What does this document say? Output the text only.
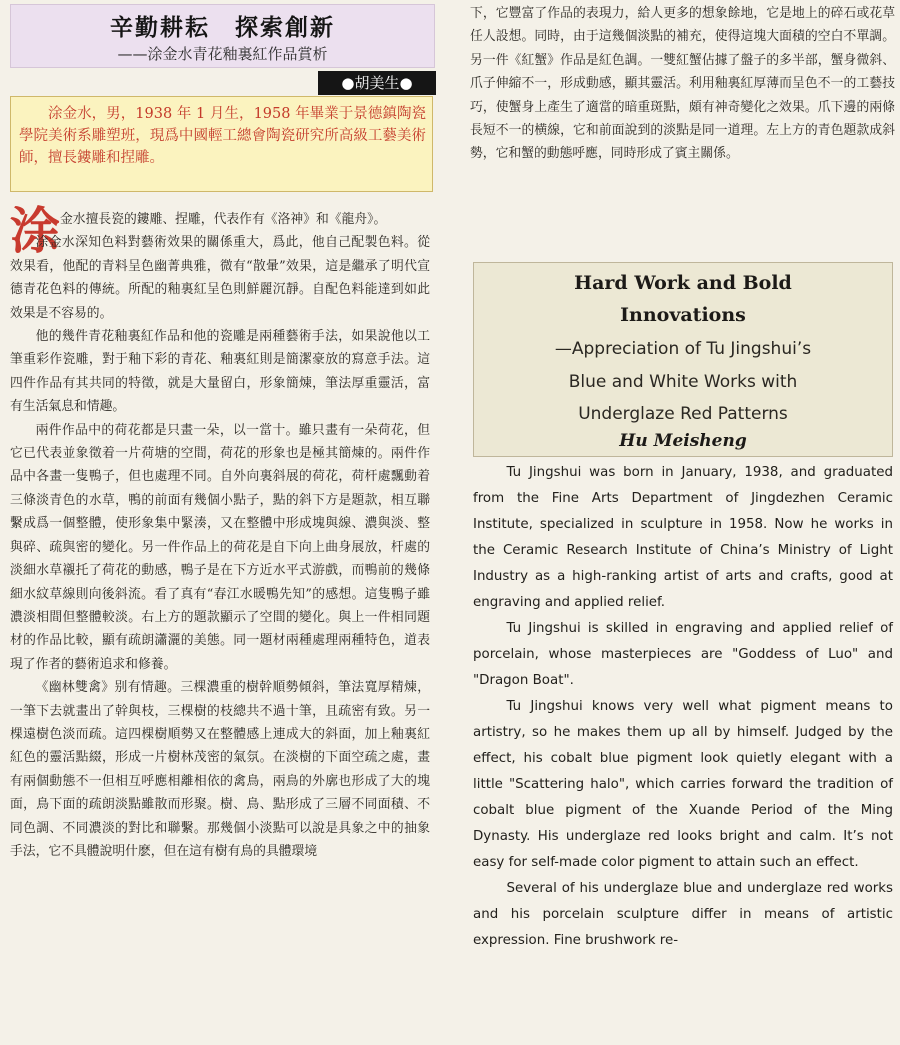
辛勤耕耘　探索創新
——涂金水青花釉裏紅作品賞析
●胡美生●
涂金水，男，1938 年 1 月生，1958 年畢業于景德鎮陶瓷學院美術系雕塑班，現爲中國輕工總會陶瓷研究所高級工藝美術師，擅長鏤雕和捏雕。
涂 金水擅長瓷的鏤雕、捏雕，代表作有《洛神》和《龍舟》。

涂金水深知色料對藝術效果的關係重大，爲此，他自己配製色料。從效果看，他配的青料呈色幽菁典雅，微有“散暈”效果，這是繼承了明代宣德青花色料的傳統。所配的釉裏紅呈色則鮮麗沉靜。自配色料能達到如此效果是不容易的。

他的幾件青花釉裏紅作品和他的瓷雕是兩種藝術手法，如果說他以工筆重彩作瓷雕，對于釉下彩的青花、釉裏紅則是簡潔豪放的寫意手法。這四件作品有其共同的特徵，就是大量留白，形象簡煉，筆法厚重靈活，富有生活氣息和情趣。

兩件作品中的荷花都是只畫一朵，以一當十。雖只畫有一朵荷花，但它已代表並象徵着一片荷塘的空間，荷花的形象也是極其簡煉的。兩件作品中各畫一隻鴨子，但也處理不同。自外向裏斜展的荷花，荷杆處飄動着三條淡青色的水草，鴨的前面有幾個小點子，點的斜下方是題款，相互聯繫成爲一個整體，使形象集中緊湊，又在整體中形成塊與線、濃與淡、整與碎、疏與密的變化。另一件作品上的荷花是自下向上曲身展放，杆處的淡細水草襯托了荷花的動感，鴨子是在下方近水平式游戲，而鴨前的幾條細水紋草線則向後斜流。看了真有“春江水暖鴨先知”的感想。這隻鴨子雖濃淡相間但整體較淡。右上方的題款顯示了空間的變化。與上一件相同題材的作品比較，顯有疏朗瀟灑的美態。同一題材兩種處理兩種特色，道表現了作者的藝術追求和修養。

《幽林雙禽》别有情趣。三棵濃重的樹幹順勢傾斜，筆法寬厚精煉，一筆下去就畫出了幹與枝，三棵樹的枝總共不過十筆，且疏密有致。另一棵遠樹色淡而疏。這四棵樹順勢又在整體感上連成大的斜面，加上釉裏紅紅色的靈活點綴，形成一片樹林茂密的氣氛。在淡樹的下面空疏之處，畫有兩個動態不一但相互呼應相離相依的禽鳥，兩鳥的外廓也形成了大的塊面，鳥下面的疏朗淡點雖散而形聚。樹、鳥、點形成了三層不同面積、不同色調、不同濃淡的對比和聯繫。那幾個小淡點可以說是具象之中的抽象手法，它不具體說明什麽，但在這有樹有鳥的具體環境

下，它豐富了作品的表現力，給人更多的想象餘地，它是地上的碎石或花草任人設想。同時，由于這幾個淡點的補充，使得這塊大面積的空白不單調。另一件《紅蟹》作品是紅色調。一雙紅蟹佔據了盤子的多半部，蟹身微斜、爪子伸縮不一，形成動感，顯其靈活。利用釉裏紅厚薄而呈色不一的工藝技巧，使蟹身上產生了適當的暗重斑點，頗有神奇變化之效果。爪下邊的兩條長短不一的横線，它和前面說到的淡點是同一道理。左上方的青色題款成斜勢，它和蟹的動態呼應，同時形成了賓主關係。

Hard Work and Bold
Innovations
—Appreciation of Tu Jingshui’s
Blue and White Works with
Underglaze Red Patterns
Hu Meisheng

Tu Jingshui was born in January, 1938, and graduated from the Fine Arts Department of Jingdezhen Ceramic Institute, specialized in sculpture in 1958. Now he works in the Ceramic Research Institute of China’s Ministry of Light Industry as a high-ranking artist of arts and crafts, good at engraving and applied relief.

Tu Jingshui is skilled in engraving and applied relief of porcelain, whose masterpieces are "Goddess of Luo" and "Dragon Boat".

Tu Jingshui knows very well what pigment means to artistry, so he makes them up all by himself. Judged by the effect, his cobalt blue pigment look quietly elegant with a little "Scattering halo", which carries forward the tradition of cobalt blue pigment of the Xuande Period of the Ming Dynasty. His underglaze red looks bright and calm. It’s not easy for self-made color pigment to attain such an effect.

Several of his underglaze blue and underglaze red works and his porcelain sculpture differ in means of artistic expression. Fine brushwork re-
